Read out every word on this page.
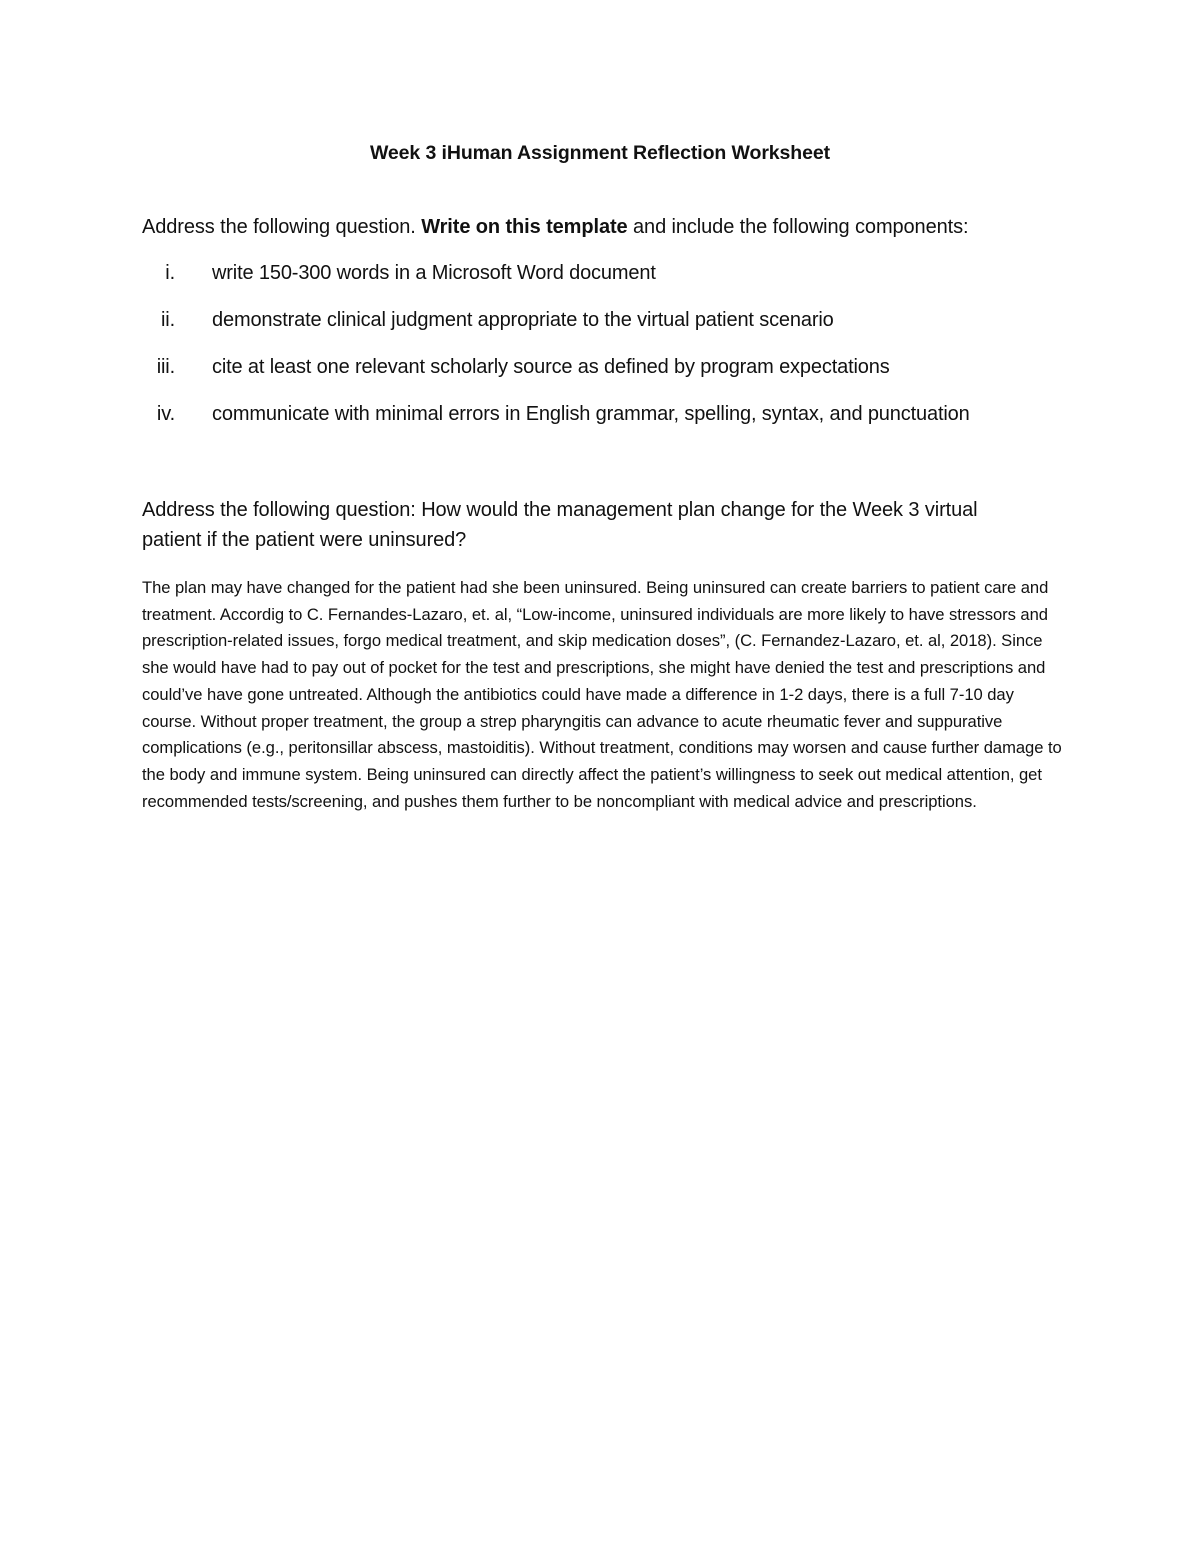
Week 3 iHuman Assignment Reflection Worksheet
Address the following question. Write on this template and include the following components:
i. write 150-300 words in a Microsoft Word document
ii. demonstrate clinical judgment appropriate to the virtual patient scenario
iii. cite at least one relevant scholarly source as defined by program expectations
iv. communicate with minimal errors in English grammar, spelling, syntax, and punctuation
Address the following question: How would the management plan change for the Week 3 virtual patient if the patient were uninsured?
The plan may have changed for the patient had she been uninsured. Being uninsured can create barriers to patient care and treatment. Accordig to C. Fernandes-Lazaro, et. al, “Low-income, uninsured individuals are more likely to have stressors and prescription-related issues, forgo medical treatment, and skip medication doses”, (C. Fernandez-Lazaro, et. al, 2018). Since she would have had to pay out of pocket for the test and prescriptions, she might have denied the test and prescriptions and could’ve have gone untreated. Although the antibiotics could have made a difference in 1-2 days, there is a full 7-10 day course. Without proper treatment, the group a strep pharyngitis can advance to acute rheumatic fever and suppurative complications (e.g., peritonsillar abscess, mastoiditis). Without treatment, conditions may worsen and cause further damage to the body and immune system. Being uninsured can directly affect the patient’s willingness to seek out medical attention, get recommended tests/screening, and pushes them further to be noncompliant with medical advice and prescriptions.
